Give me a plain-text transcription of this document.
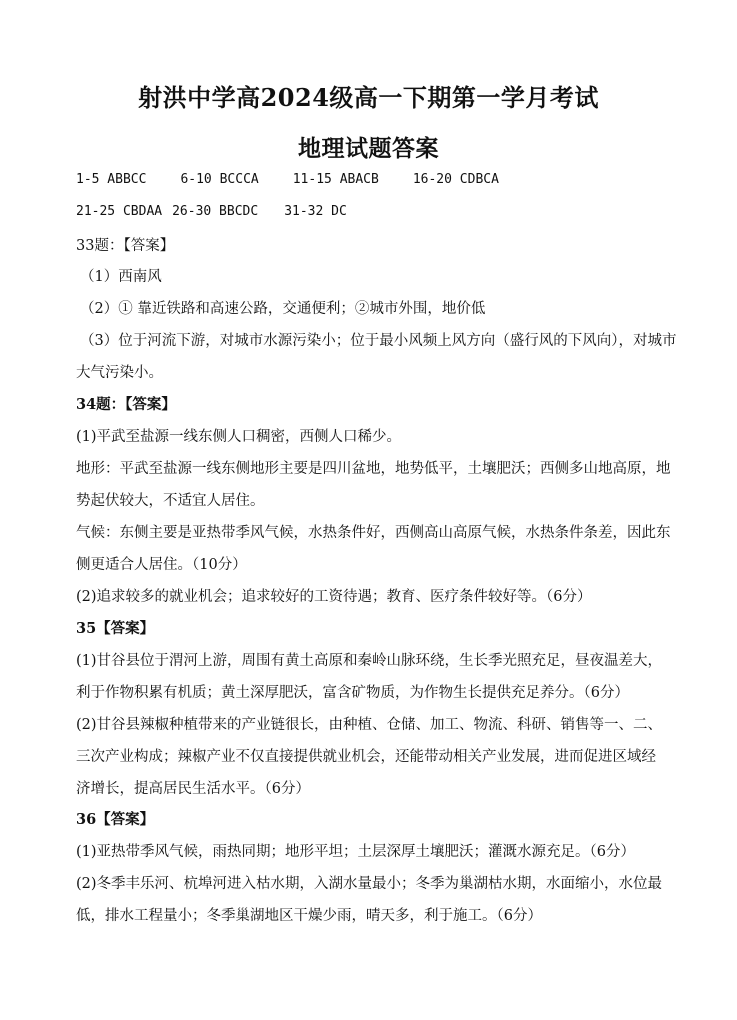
射洪中学高2024级高一下期第一学月考试
地理试题答案
1-5 ABBCC	6-10 BCCCA	11-15 ABACB	16-20 CDBCA
21-25 CBDAA 26-30 BBCDC 31-32 DC
33题：【答案】
（1）西南风
（2）① 靠近铁路和高速公路，交通便利；②城市外围，地价低
（3）位于河流下游，对城市水源污染小；位于最小风频上风方向（盛行风的下风向），对城市
大气污染小。
34题：【答案】
(1)平武至盐源一线东侧人口稠密，西侧人口稀少。
地形：平武至盐源一线东侧地形主要是四川盆地，地势低平，土壤肥沃；西侧多山地高原，地
势起伏较大，不适宜人居住。
气候：东侧主要是亚热带季风气候，水热条件好，西侧高山高原气候，水热条件条差，因此东
侧更适合人居住。（10分）
(2)追求较多的就业机会；追求较好的工资待遇；教育、医疗条件较好等。（6分）
35【答案】
(1)甘谷县位于渭河上游，周围有黄土高原和秦岭山脉环绕，生长季光照充足，昼夜温差大，
利于作物积累有机质；黄土深厚肥沃，富含矿物质，为作物生长提供充足养分。（6分）
(2)甘谷县辣椒种植带来的产业链很长，由种植、仓储、加工、物流、科研、销售等一、二、
三次产业构成；辣椒产业不仅直接提供就业机会，还能带动相关产业发展，进而促进区域经
济增长，提高居民生活水平。（6分）
36【答案】
(1)亚热带季风气候，雨热同期；地形平坦；土层深厚土壤肥沃；灌溉水源充足。（6分）
(2)冬季丰乐河、杭埠河进入枯水期，入湖水量最小；冬季为巢湖枯水期，水面缩小，水位最
低，排水工程量小；冬季巢湖地区干燥少雨，晴天多，利于施工。（6分）
